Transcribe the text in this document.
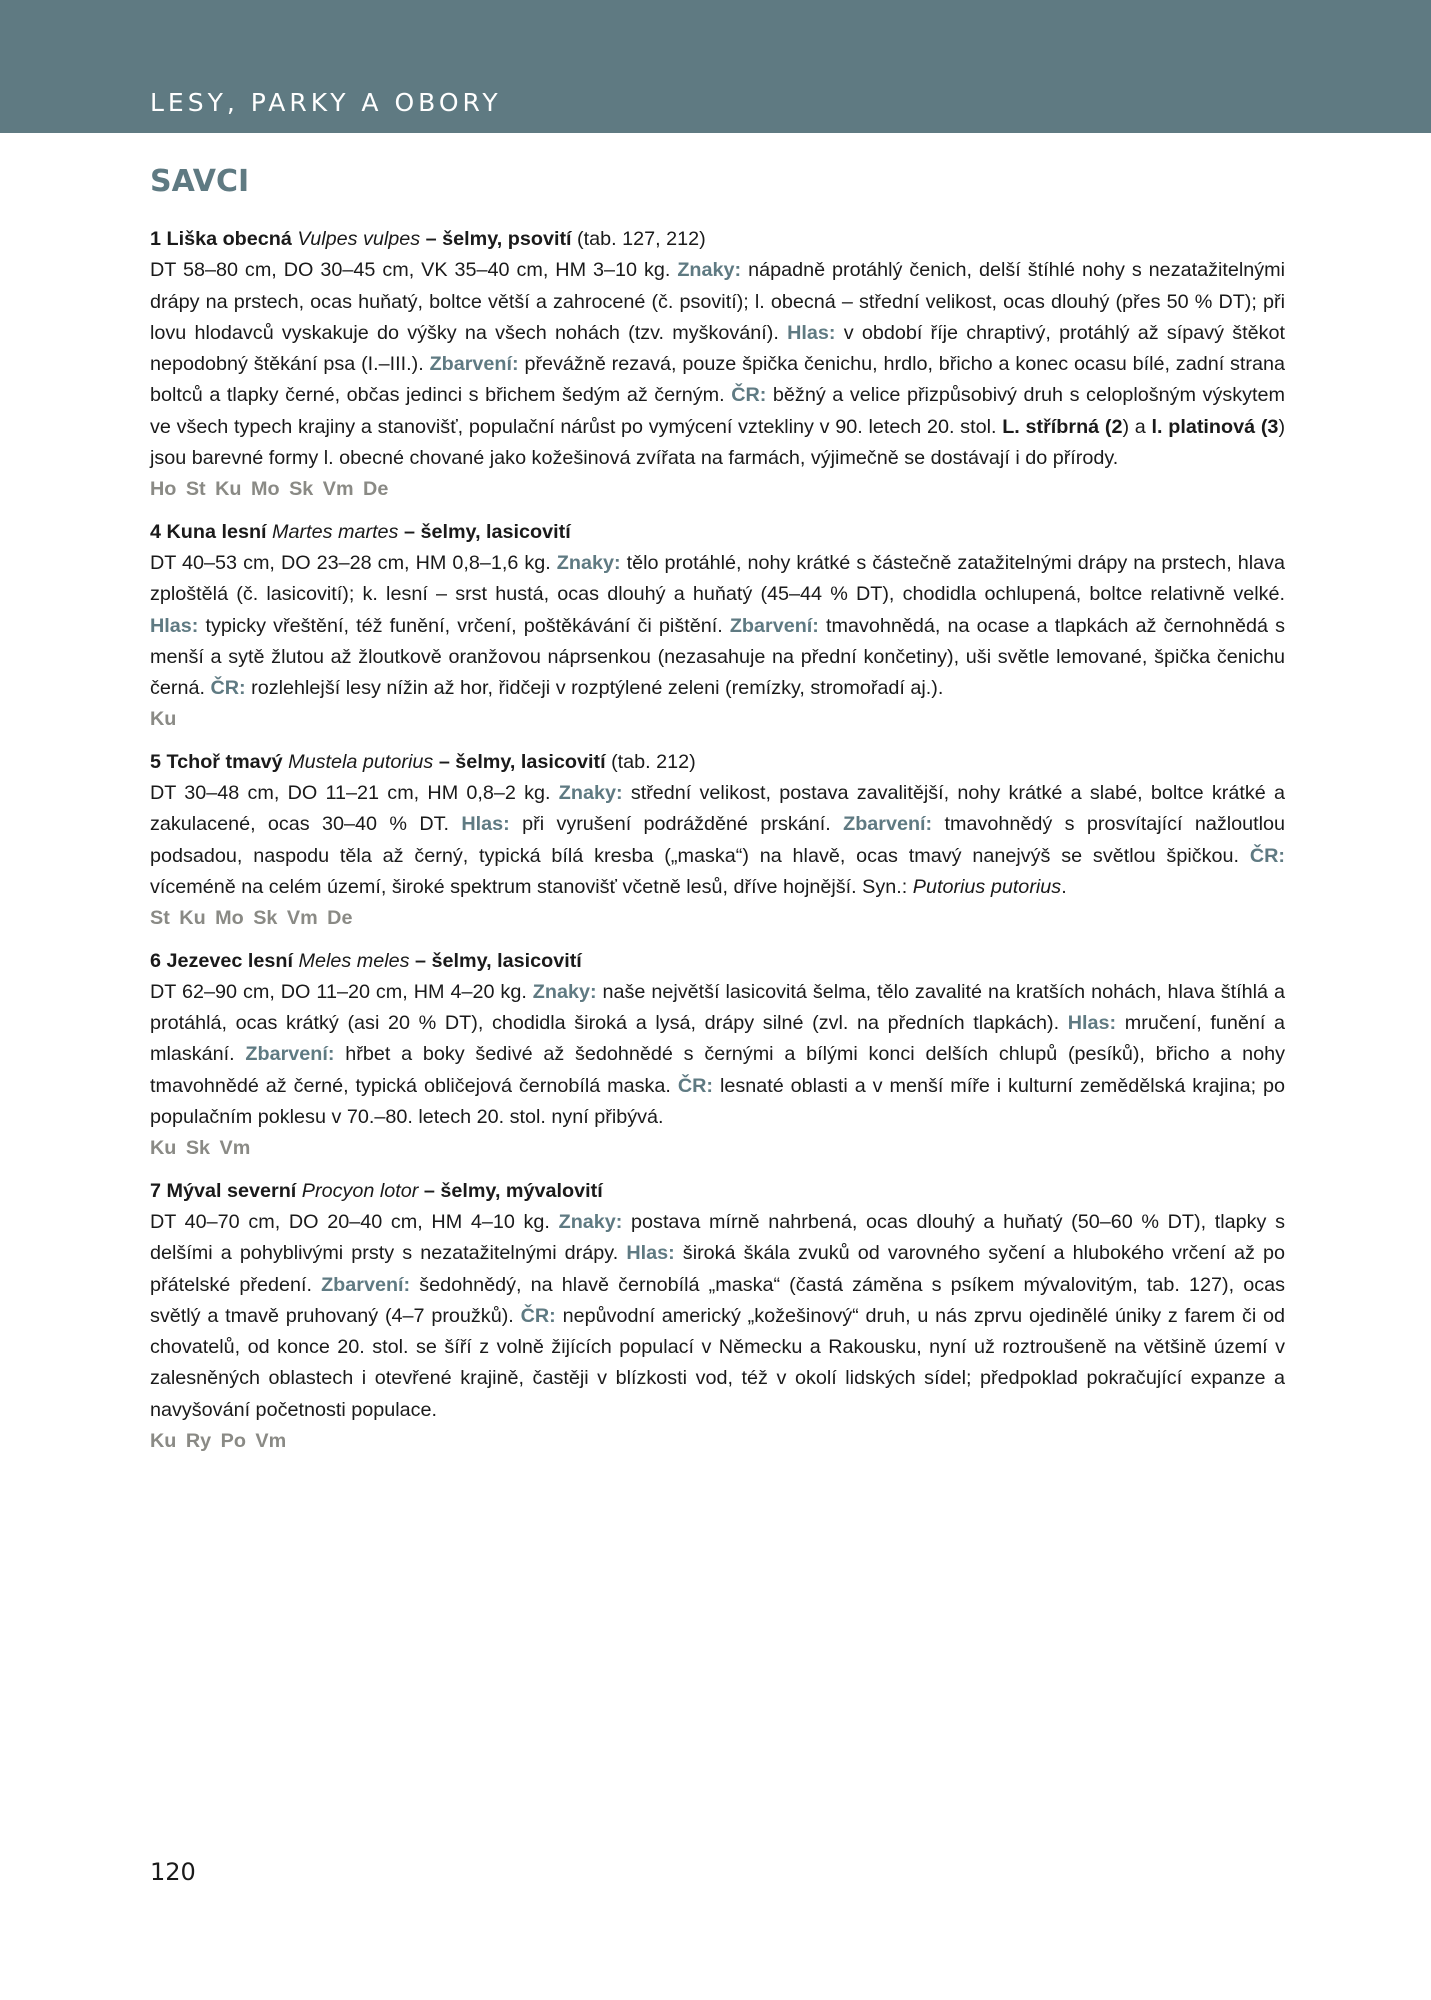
LESY, PARKY A OBORY
SAVCI

1 Liška obecná Vulpes vulpes – šelmy, psovití (tab. 127, 212)
DT 58–80 cm, DO 30–45 cm, VK 35–40 cm, HM 3–10 kg. Znaky: nápadně protáhlý čenich, delší štíhlé nohy s nezatažitelnými drápy na prstech, ocas huňatý, boltce větší a zahrocené (č. psovití); l. obecná – střední velikost, ocas dlouhý (přes 50 % DT); při lovu hlodavců vyskakuje do výšky na všech nohách (tzv. myškování). Hlas: v období říje chraptivý, protáhlý až sípavý štěkot nepodobný štěkání psa (I.–III.). Zbarvení: převážně rezavá, pouze špička čenichu, hrdlo, břicho a konec ocasu bílé, zadní strana boltců a tlapky černé, občas jedinci s břichem šedým až černým. ČR: běžný a velice přizpůsobivý druh s celoplošným výskytem ve všech typech krajiny a stanovišť, populační nárůst po vymýcení vztekliny v 90. letech 20. stol. L. stříbrná (2) a l. platinová (3) jsou barevné formy l. obecné chované jako kožešinová zvířata na farmách, výjimečně se dostávají i do přírody.

Ho St Ku Mo Sk Vm De

4 Kuna lesní Martes martes – šelmy, lasicovití
DT 40–53 cm, DO 23–28 cm, HM 0,8–1,6 kg. Znaky: tělo protáhlé, nohy krátké s částečně zatažitelnými drápy na prstech, hlava zploštělá (č. lasicovití); k. lesní – srst hustá, ocas dlouhý a huňatý (45–44 % DT), chodidla ochlupená, boltce relativně velké. Hlas: typicky vřeštění, též funění, vrčení, poštěkávání či pištění. Zbarvení: tmavohnědá, na ocase a tlapkách až černohnědá s menší a sytě žlutou až žloutkově oranžovou náprsenkou (nezasahuje na přední končetiny), uši světle lemované, špička čenichu černá. ČR: rozlehlejší lesy nížin až hor, řidčeji v rozptýlené zeleni (remízky, stromořadí aj.).

Ku

5 Tchoř tmavý Mustela putorius – šelmy, lasicovití (tab. 212)
DT 30–48 cm, DO 11–21 cm, HM 0,8–2 kg. Znaky: střední velikost, postava zavalitější, nohy krátké a slabé, boltce krátké a zakulacené, ocas 30–40 % DT. Hlas: při vyrušení podrážděné prskání. Zbarvení: tmavohnědý s prosvítající nažloutlou podsadou, naspodu těla až černý, typická bílá kresba („maska“) na hlavě, ocas tmavý nanejvýš se světlou špičkou. ČR: víceméně na celém území, široké spektrum stanovišť včetně lesů, dříve hojnější. Syn.: Putorius putorius.

St Ku Mo Sk Vm De

6 Jezevec lesní Meles meles – šelmy, lasicovití
DT 62–90 cm, DO 11–20 cm, HM 4–20 kg. Znaky: naše největší lasicovitá šelma, tělo zavalité na kratších nohách, hlava štíhlá a protáhlá, ocas krátký (asi 20 % DT), chodidla široká a lysá, drápy silné (zvl. na předních tlapkách). Hlas: mručení, funění a mlaskání. Zbarvení: hřbet a boky šedivé až šedohnědé s černými a bílými konci delších chlupů (pesíků), břicho a nohy tmavohnědé až černé, typická obličejová černobílá maska. ČR: lesnaté oblasti a v menší míře i kulturní zemědělská krajina; po populačním poklesu v 70.–80. letech 20. stol. nyní přibývá.

Ku Sk Vm

7 Mýval severní Procyon lotor – šelmy, mývalovití
DT 40–70 cm, DO 20–40 cm, HM 4–10 kg. Znaky: postava mírně nahrbená, ocas dlouhý a huňatý (50–60 % DT), tlapky s delšími a pohyblivými prsty s nezatažitelnými drápy. Hlas: široká škála zvuků od varovného syčení a hlubokého vrčení až po přátelské předení. Zbarvení: šedohnědý, na hlavě černobílá „maska“ (častá záměna s psíkem mývalovitým, tab. 127), ocas světlý a tmavě pruhovaný (4–7 proužků). ČR: nepůvodní americký „kožešinový“ druh, u nás zprvu ojedinělé úniky z farem či od chovatelů, od konce 20. stol. se šíří z volně žijících populací v Německu a Rakousku, nyní už roztroušeně na většině území v zalesněných oblastech i otevřené krajině, častěji v blízkosti vod, též v okolí lidských sídel; předpoklad pokračující expanze a navyšování početnosti populace.

Ku Ry Po Vm

120
